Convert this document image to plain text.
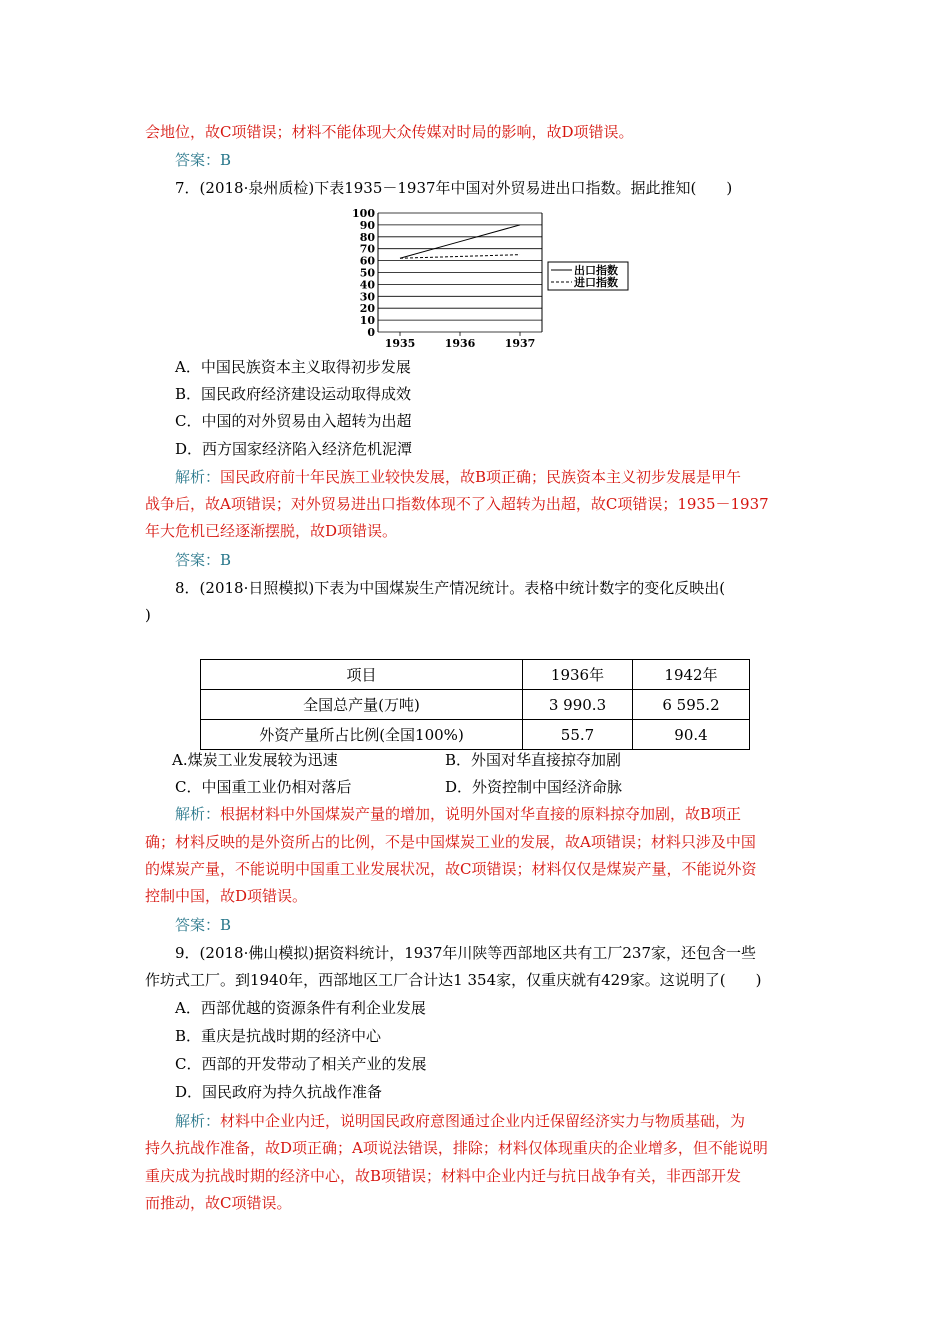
会地位，故C项错误；材料不能体现大众传媒对时局的影响，故D项错误。
答案：B
7．(2018·泉州质检)下表1935－1937年中国对外贸易进出口指数。据此推知(　　)
0
10
20
30
40
50
60
70
80
90
100
1935	1936	1937
出口指数
进口指数
A．中国民族资本主义取得初步发展
B．国民政府经济建设运动取得成效
C．中国的对外贸易由入超转为出超
D．西方国家经济陷入经济危机泥潭
解析：国民政府前十年民族工业较快发展，故B项正确；民族资本主义初步发展是甲午
战争后，故A项错误；对外贸易进出口指数体现不了入超转为出超，故C项错误；1935－1937
年大危机已经逐渐摆脱，故D项错误。
答案：B
8．(2018·日照模拟)下表为中国煤炭生产情况统计。表格中统计数字的变化反映出(
)
项目	1936年	1942年
全国总产量(万吨)	3 990.3	6 595.2
外资产量所占比例(全国100%)	55.7	90.4
A.煤炭工业发展较为迅速	B．外国对华直接掠夺加剧
C．中国重工业仍相对落后	D．外资控制中国经济命脉
解析：根据材料中外国煤炭产量的增加，说明外国对华直接的原料掠夺加剧，故B项正
确；材料反映的是外资所占的比例，不是中国煤炭工业的发展，故A项错误；材料只涉及中国
的煤炭产量，不能说明中国重工业发展状况，故C项错误；材料仅仅是煤炭产量，不能说外资
控制中国，故D项错误。
答案：B
9．(2018·佛山模拟)据资料统计，1937年川陕等西部地区共有工厂237家，还包含一些
作坊式工厂。到1940年，西部地区工厂合计达1 354家，仅重庆就有429家。这说明了(　　)
A．西部优越的资源条件有利企业发展
B．重庆是抗战时期的经济中心
C．西部的开发带动了相关产业的发展
D．国民政府为持久抗战作准备
解析：材料中企业内迁，说明国民政府意图通过企业内迁保留经济实力与物质基础，为
持久抗战作准备，故D项正确；A项说法错误，排除；材料仅体现重庆的企业增多，但不能说明
重庆成为抗战时期的经济中心，故B项错误；材料中企业内迁与抗日战争有关，非西部开发
而推动，故C项错误。
